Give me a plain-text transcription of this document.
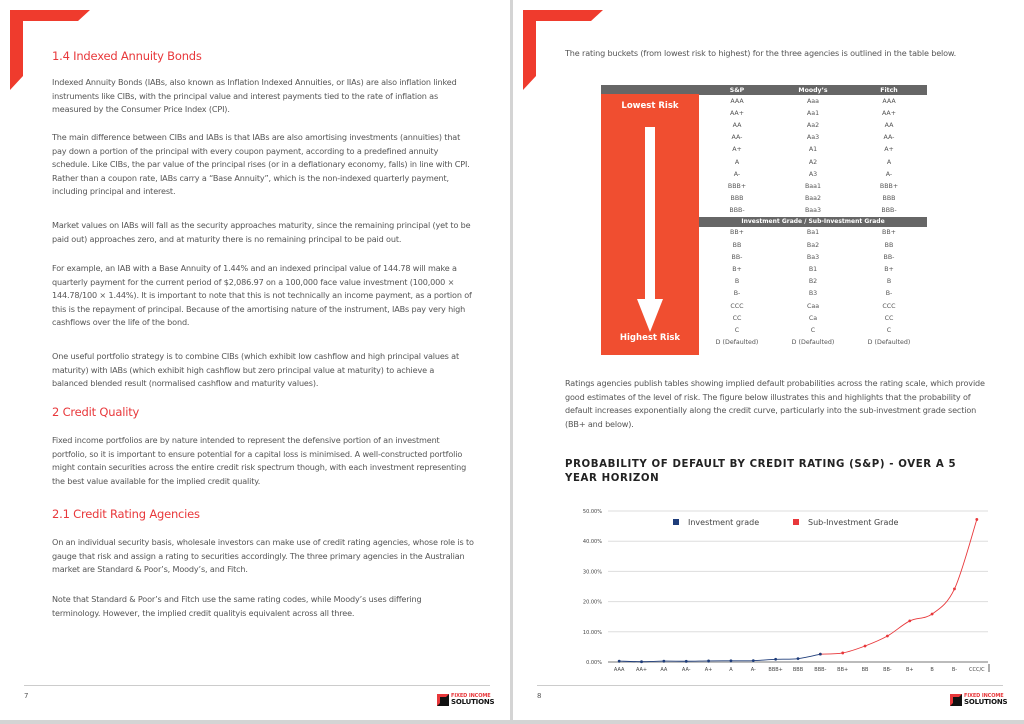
1.4 Indexed Annuity Bonds
Indexed Annuity Bonds (IABs, also known as Inflation Indexed Annuities, or IIAs) are also inflation linked instruments like CIBs, with the principal value and interest payments tied to the rate of inflation as measured by the Consumer Price Index (CPI).
The main difference between CIBs and IABs is that IABs are also amortising investments (annuities) that pay down a portion of the principal with every coupon payment, according to a predefined annuity schedule. Like CIBs, the par value of the principal rises (or in a deflationary economy, falls) in line with CPI. Rather than a coupon rate, IABs carry a “Base Annuity”, which is the non-indexed quarterly payment, including principal and interest.
Market values on IABs will fall as the security approaches maturity, since the remaining principal (yet to be paid out) approaches zero, and at maturity there is no remaining principal to be paid out.
For example, an IAB with a Base Annuity of 1.44% and an indexed principal value of 144.78 will make a quarterly payment for the current period of $2,086.97 on a 100,000 face value investment (100,000 × 144.78/100 × 1.44%). It is important to note that this is not technically an income payment, as a portion of this is the repayment of principal. Because of the amortising nature of the instrument, IABs pay very high cashflows over the life of the bond.
One useful portfolio strategy is to combine CIBs (which exhibit low cashflow and high principal values at maturity) with IABs (which exhibit high cashflow but zero principal value at maturity) to achieve a balanced blended result (normalised cashflow and maturity values).
2 Credit Quality
Fixed income portfolios are by nature intended to represent the defensive portion of an investment portfolio, so it is important to ensure potential for a capital loss is minimised. A well-constructed portfolio might contain securities across the entire credit risk spectrum though, with each investment representing the best value available for the implied credit quality.
2.1 Credit Rating Agencies
On an individual security basis, wholesale investors can make use of credit rating agencies, whose role is to gauge that risk and assign a rating to securities accordingly. The three primary agencies in the Australian market are Standard & Poor’s, Moody’s, and Fitch.
Note that Standard & Poor’s and Fitch use the same rating codes, while Moody’s uses differing terminology. However, the implied credit qualityis equivalent across all three.
7	FIXED INCOME
SOLUTIONS
The rating buckets (from lowest risk to highest) for the three agencies is outlined in the table below.
Lowest Risk
Highest Risk
S&P	Moody’s	Fitch
AAA	Aaa	AAA
AA+	Aa1	AA+
AA	Aa2	AA
AA-	Aa3	AA-
A+	A1	A+
A	A2	A
A-	A3	A-
BBB+	Baa1	BBB+
BBB	Baa2	BBB
BBB-	Baa3	BBB-
Investment Grade / Sub-Investment Grade
BB+	Ba1	BB+
BB	Ba2	BB
BB-	Ba3	BB-
B+	B1	B+
B	B2	B
B-	B3	B-
CCC	Caa	CCC
CC	Ca	CC
C	C	C
D (Defaulted)	D (Defaulted)	D (Defaulted)
Ratings agencies publish tables showing implied default probabilities across the rating scale, which provide good estimates of the level of risk. The figure below illustrates this and highlights that the probability of default increases exponentially along the credit curve, particularly into the sub-investment grade section (BB+ and below).
PROBABILITY OF DEFAULT BY CREDIT RATING (S&P) - OVER A 5 YEAR HORIZON
0.00%
10.00%
20.00%
30.00%
40.00%
50.00%
AAA AA+	AA	AA-	A+	A	A-	BBB+ BBB BBB- BB+	BB	BB-	B+	B	B- CCC/C
Investment grade	Sub-Investment Grade
8	FIXED INCOME
SOLUTIONS
